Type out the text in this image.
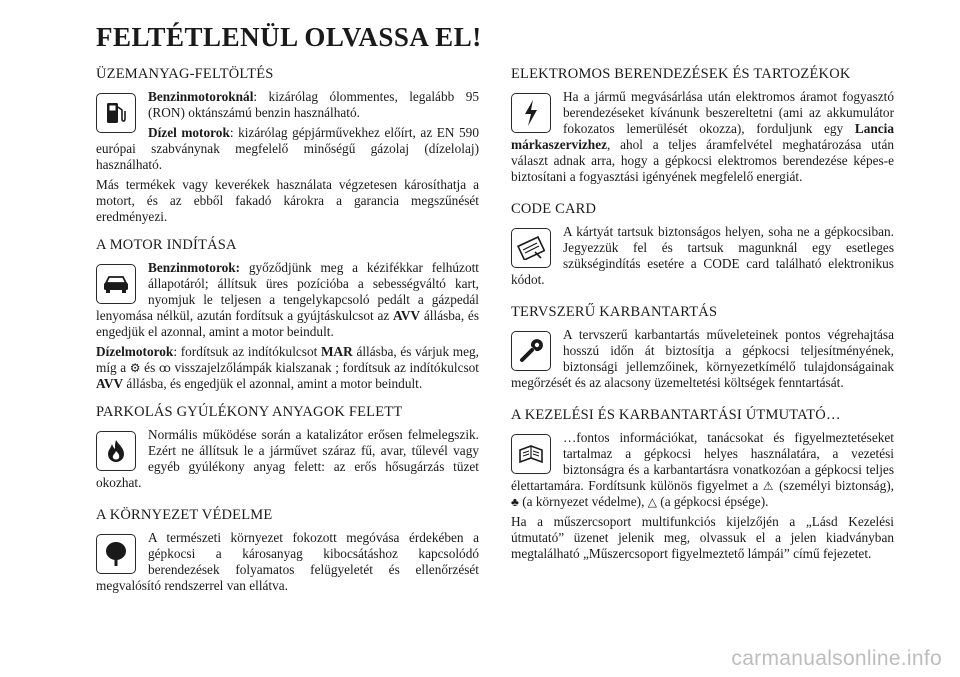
FELTÉTLENÜL OLVASSA EL!
ÜZEMANYAG-FELTÖLTÉS

Benzinmotoroknál: kizárólag ólommentes, legalább 95 (RON) oktánszámú benzin használható.

Dízel motorok: kizárólag gépjárművekhez előírt, az EN 590 európai szabványnak megfelelő minőségű gázolaj (dízelolaj) használható.

Más termékek vagy keverékek használata végzetesen károsíthatja a motort, és az ebből fakadó károkra a garancia megszűnését eredményezi.

A MOTOR INDÍTÁSA

Benzinmotorok: győződjünk meg a kézifékkar felhúzott állapotáról; állítsuk üres pozícióba a sebességváltó kart, nyomjuk le teljesen a tengelykapcsoló pedált a gázpedál lenyomása nélkül, azután fordítsuk a gyújtáskulcsot az AVV állásba, és engedjük el azonnal, amint a motor beindult.

Dízelmotorok: fordítsuk az indítókulcsot MAR állásba, és várjuk meg, míg a ⚙ és ꝏ visszajelzőlámpák kialszanak ; fordítsuk az indítókulcsot AVV állásba, és engedjük el azonnal, amint a motor beindult.

PARKOLÁS GYÚLÉKONY ANYAGOK FELETT

Normális működése során a katalizátor erősen felmelegszik. Ezért ne állítsuk le a járművet száraz fű, avar, tűlevél vagy egyéb gyúlékony anyag felett: az erős hősugárzás tüzet okozhat.

A KÖRNYEZET VÉDELME

A természeti környezet fokozott megóvása érdekében a gépkocsi a károsanyag kibocsátáshoz kapcsolódó berendezések folyamatos felügyeletét és ellenőrzését megvalósító rendszerrel van ellátva.

ELEKTROMOS BERENDEZÉSEK ÉS TARTOZÉKOK

Ha a jármű megvásárlása után elektromos áramot fogyasztó berendezéseket kívánunk beszereltetni (ami az akkumulátor fokozatos lemerülését okozza), forduljunk egy Lancia márkaszervizhez, ahol a teljes áramfelvétel meghatározása után választ adnak arra, hogy a gépkocsi elektromos berendezése képes-e biztosítani a fogyasztási igényének megfelelő energiát.

CODE CARD

A kártyát tartsuk biztonságos helyen, soha ne a gépkocsiban. Jegyezzük fel és tartsuk magunknál egy esetleges szükségindítás esetére a CODE card található elektronikus kódot.

TERVSZERŰ KARBANTARTÁS

A tervszerű karbantartás műveleteinek pontos végrehajtása hosszú időn át biztosítja a gépkocsi teljesítményének, biztonsági jellemzőinek, környezetkímélő tulajdonságainak megőrzését és az alacsony üzemeltetési költségek fenntartását.

A KEZELÉSI ÉS KARBANTARTÁSI ÚTMUTATÓ…

…fontos információkat, tanácsokat és figyelmeztetéseket tartalmaz a gépkocsi helyes használatára, a vezetési biztonságra és a karbantartásra vonatkozóan a gépkocsi teljes élettartamára. Fordítsunk különös figyelmet a ⚠ (személyi biztonság), ♣ (a környezet védelme), △ (a gépkocsi épsége).

Ha a műszercsoport multifunkciós kijelzőjén a „Lásd Kezelési útmutató” üzenet jelenik meg, olvassuk el a jelen kiadványban megtalálható „Műszercsoport figyelmeztető lámpái” című fejezetet.

carmanualsonline.info
